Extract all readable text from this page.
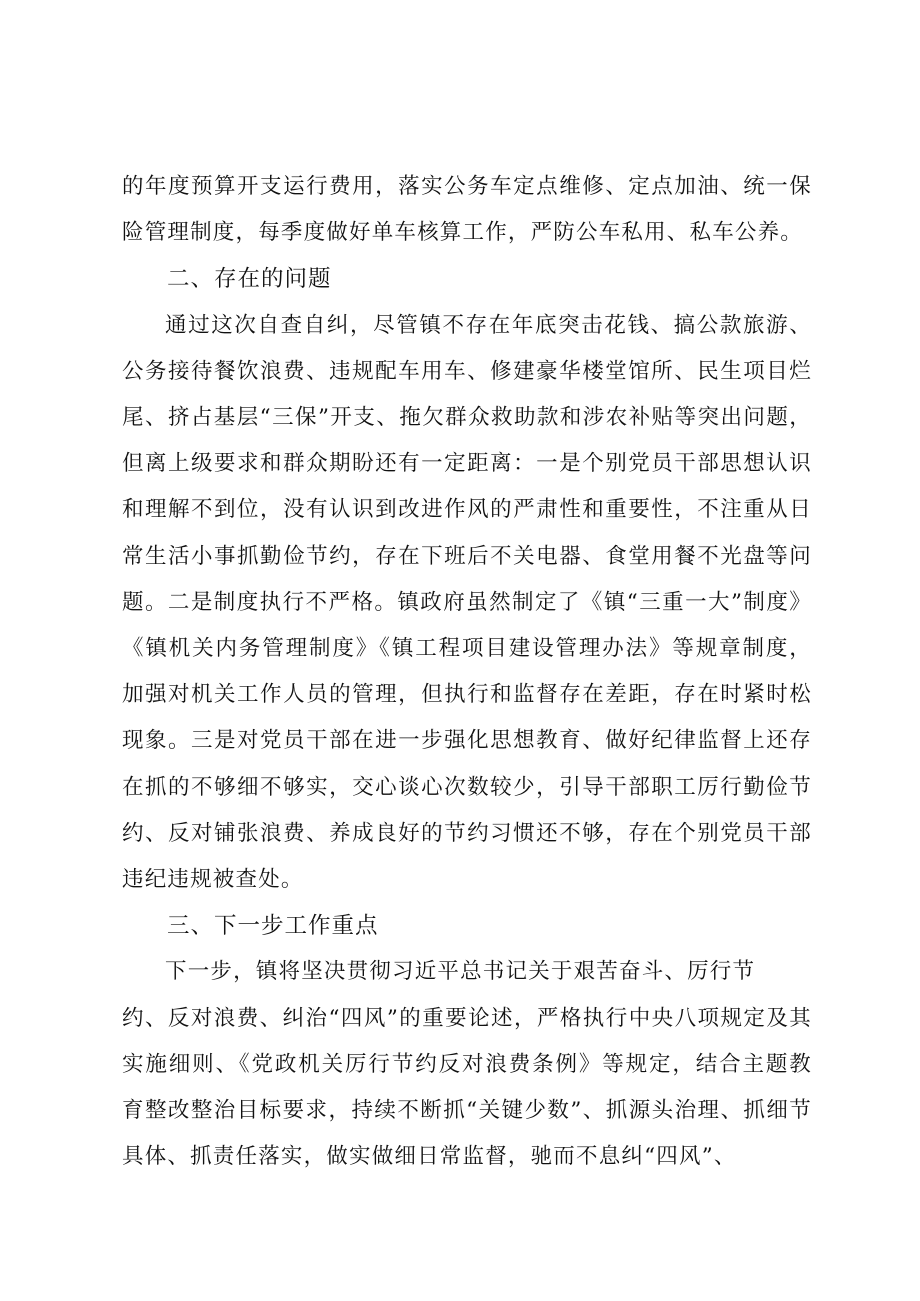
的年度预算开支运行费用，落实公务车定点维修、定点加油、统一保险管理制度，每季度做好单车核算工作，严防公车私用、私车公养。

二、存在的问题

通过这次自查自纠，尽管镇不存在年底突击花钱、搞公款旅游、公务接待餐饮浪费、违规配车用车、修建豪华楼堂馆所、民生项目烂尾、挤占基层“三保”开支、拖欠群众救助款和涉农补贴等突出问题，但离上级要求和群众期盼还有一定距离：一是个别党员干部思想认识和理解不到位，没有认识到改进作风的严肃性和重要性，不注重从日常生活小事抓勤俭节约，存在下班后不关电器、食堂用餐不光盘等问题。二是制度执行不严格。镇政府虽然制定了《镇“三重一大”制度》《镇机关内务管理制度》《镇工程项目建设管理办法》等规章制度，加强对机关工作人员的管理，但执行和监督存在差距，存在时紧时松现象。三是对党员干部在进一步强化思想教育、做好纪律监督上还存在抓的不够细不够实，交心谈心次数较少，引导干部职工厉行勤俭节约、反对铺张浪费、养成良好的节约习惯还不够，存在个别党员干部违纪违规被查处。

三、下一步工作重点

下一步，镇将坚决贯彻习近平总书记关于艰苦奋斗、厉行节

约、反对浪费、纠治“四风”的重要论述，严格执行中央八项规定及其实施细则、《党政机关厉行节约反对浪费条例》等规定，结合主题教育整改整治目标要求，持续不断抓“关键少数”、抓源头治理、抓细节具体、抓责任落实，做实做细日常监督，驰而不息纠“四风”、
